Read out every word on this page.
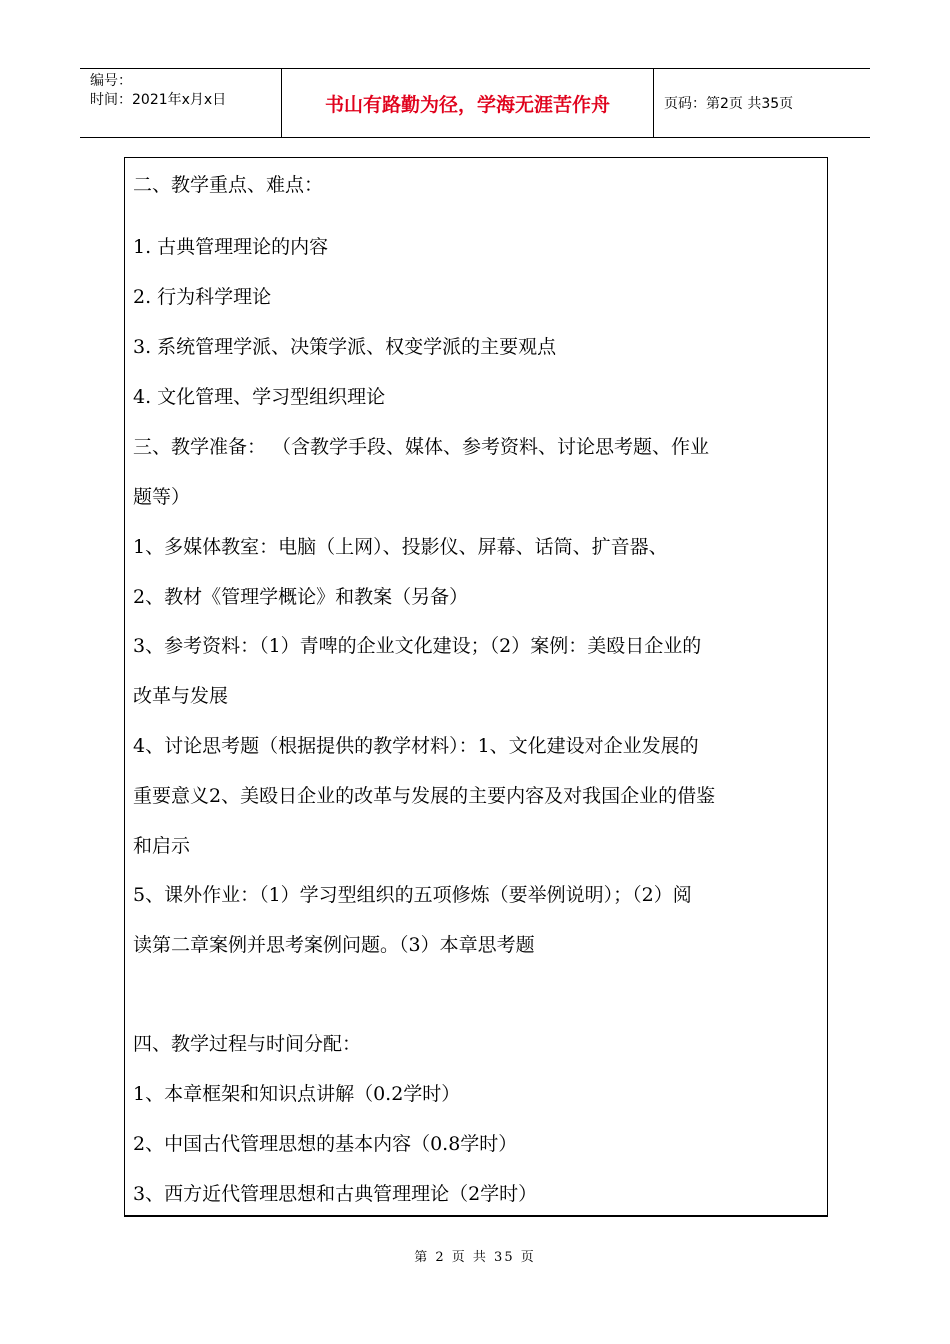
编号：
时间：2021年x月x日	书山有路勤为径，学海无涯苦作舟	页码：第2页 共35页
二、教学重点、难点：
1. 古典管理理论的内容
2. 行为科学理论
3. 系统管理学派、决策学派、权变学派的主要观点
4. 文化管理、学习型组织理论
三、教学准备： （含教学手段、媒体、参考资料、讨论思考题、作业
题等）
1、多媒体教室：电脑（上网）、投影仪、屏幕、话筒、扩音器、
2、教材《管理学概论》和教案（另备）
3、参考资料：（1）青啤的企业文化建设；（2）案例：美殴日企业的
改革与发展
4、讨论思考题（根据提供的教学材料）：1、文化建设对企业发展的
重要意义2、美殴日企业的改革与发展的主要内容及对我国企业的借鉴
和启示
5、课外作业：（1）学习型组织的五项修炼（要举例说明）；（2）阅
读第二章案例并思考案例问题。（3）本章思考题
四、教学过程与时间分配：
1、本章框架和知识点讲解（0.2学时）
2、中国古代管理思想的基本内容（0.8学时）
3、西方近代管理思想和古典管理理论（2学时）
第 2 页 共 35 页
